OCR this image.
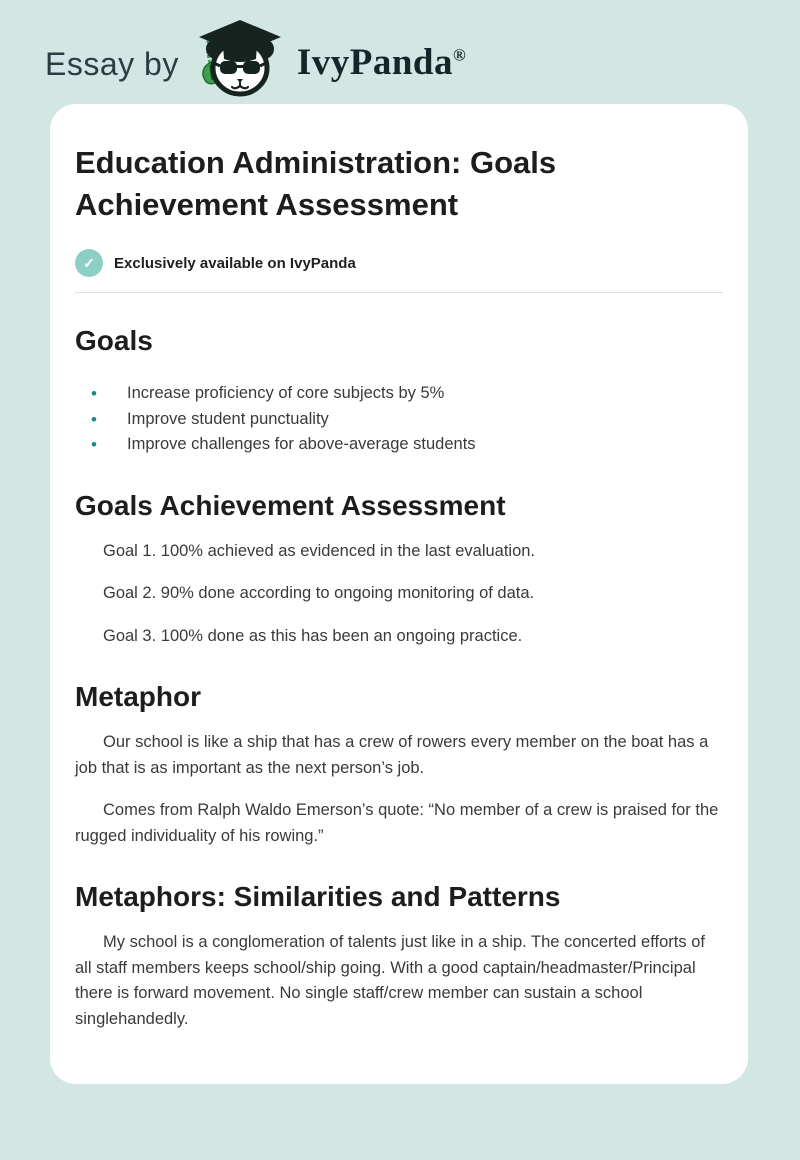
Essay by	IvyPanda®
Education Administration: Goals Achievement Assessment
✓	Exclusively available on IvyPanda
Goals
• Increase proficiency of core subjects by 5%
• Improve student punctuality
• Improve challenges for above-average students
Goals Achievement Assessment

Goal 1. 100% achieved as evidenced in the last evaluation.

Goal 2. 90% done according to ongoing monitoring of data.

Goal 3. 100% done as this has been an ongoing practice.

Metaphor

Our school is like a ship that has a crew of rowers every member on the boat has a job that is as important as the next person’s job.

Comes from Ralph Waldo Emerson’s quote: “No member of a crew is praised for the rugged individuality of his rowing.”

Metaphors: Similarities and Patterns

My school is a conglomeration of talents just like in a ship. The concerted efforts of all staff members keeps school/ship going. With a good captain/headmaster/Principal there is forward movement. No single staff/crew member can sustain a school singlehandedly.
